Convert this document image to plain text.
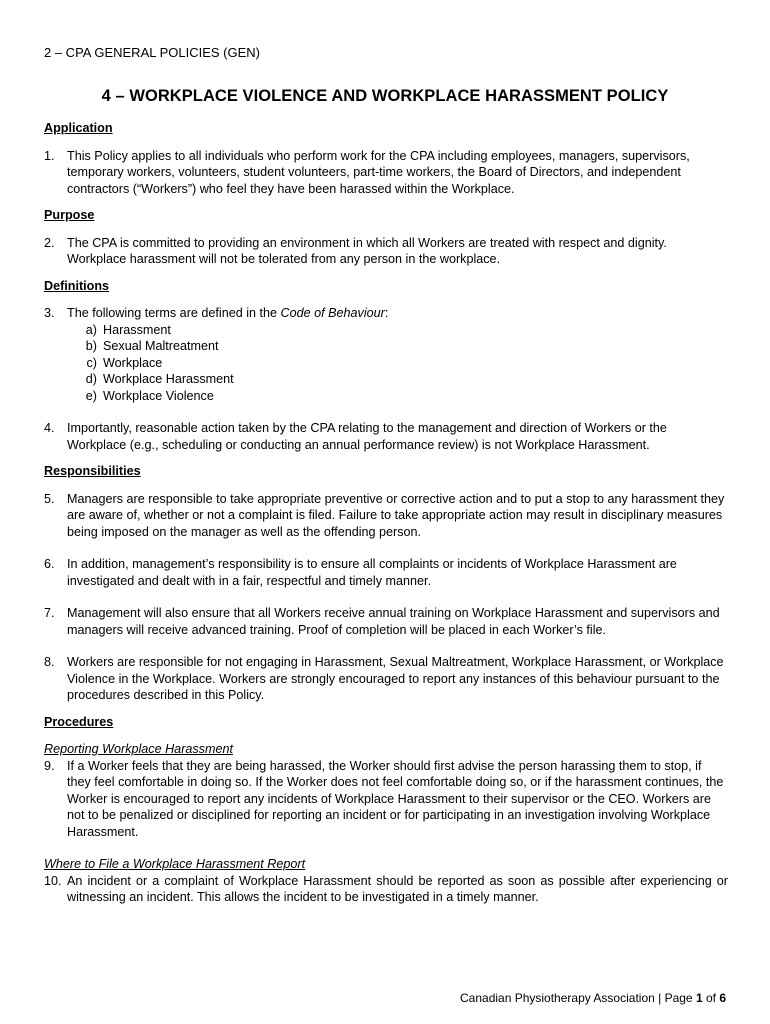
2 – CPA GENERAL POLICIES (GEN)
4 – WORKPLACE VIOLENCE AND WORKPLACE HARASSMENT POLICY
Application
1. This Policy applies to all individuals who perform work for the CPA including employees, managers, supervisors, temporary workers, volunteers, student volunteers, part-time workers, the Board of Directors, and independent contractors (“Workers”) who feel they have been harassed within the Workplace.
Purpose
2. The CPA is committed to providing an environment in which all Workers are treated with respect and dignity. Workplace harassment will not be tolerated from any person in the workplace.
Definitions
3. The following terms are defined in the Code of Behaviour:
a) Harassment
b) Sexual Maltreatment
c) Workplace
d) Workplace Harassment
e) Workplace Violence
4. Importantly, reasonable action taken by the CPA relating to the management and direction of Workers or the Workplace (e.g., scheduling or conducting an annual performance review) is not Workplace Harassment.
Responsibilities
5. Managers are responsible to take appropriate preventive or corrective action and to put a stop to any harassment they are aware of, whether or not a complaint is filed. Failure to take appropriate action may result in disciplinary measures being imposed on the manager as well as the offending person.
6. In addition, management’s responsibility is to ensure all complaints or incidents of Workplace Harassment are investigated and dealt with in a fair, respectful and timely manner.
7. Management will also ensure that all Workers receive annual training on Workplace Harassment and supervisors and managers will receive advanced training. Proof of completion will be placed in each Worker’s file.
8. Workers are responsible for not engaging in Harassment, Sexual Maltreatment, Workplace Harassment, or Workplace Violence in the Workplace. Workers are strongly encouraged to report any instances of this behaviour pursuant to the procedures described in this Policy.
Procedures
Reporting Workplace Harassment
9. If a Worker feels that they are being harassed, the Worker should first advise the person harassing them to stop, if they feel comfortable in doing so. If the Worker does not feel comfortable doing so, or if the harassment continues, the Worker is encouraged to report any incidents of Workplace Harassment to their supervisor or the CEO. Workers are not to be penalized or disciplined for reporting an incident or for participating in an investigation involving Workplace Harassment.
Where to File a Workplace Harassment Report
10. An incident or a complaint of Workplace Harassment should be reported as soon as possible after experiencing or witnessing an incident. This allows the incident to be investigated in a timely manner.
Canadian Physiotherapy Association | Page 1 of 6
